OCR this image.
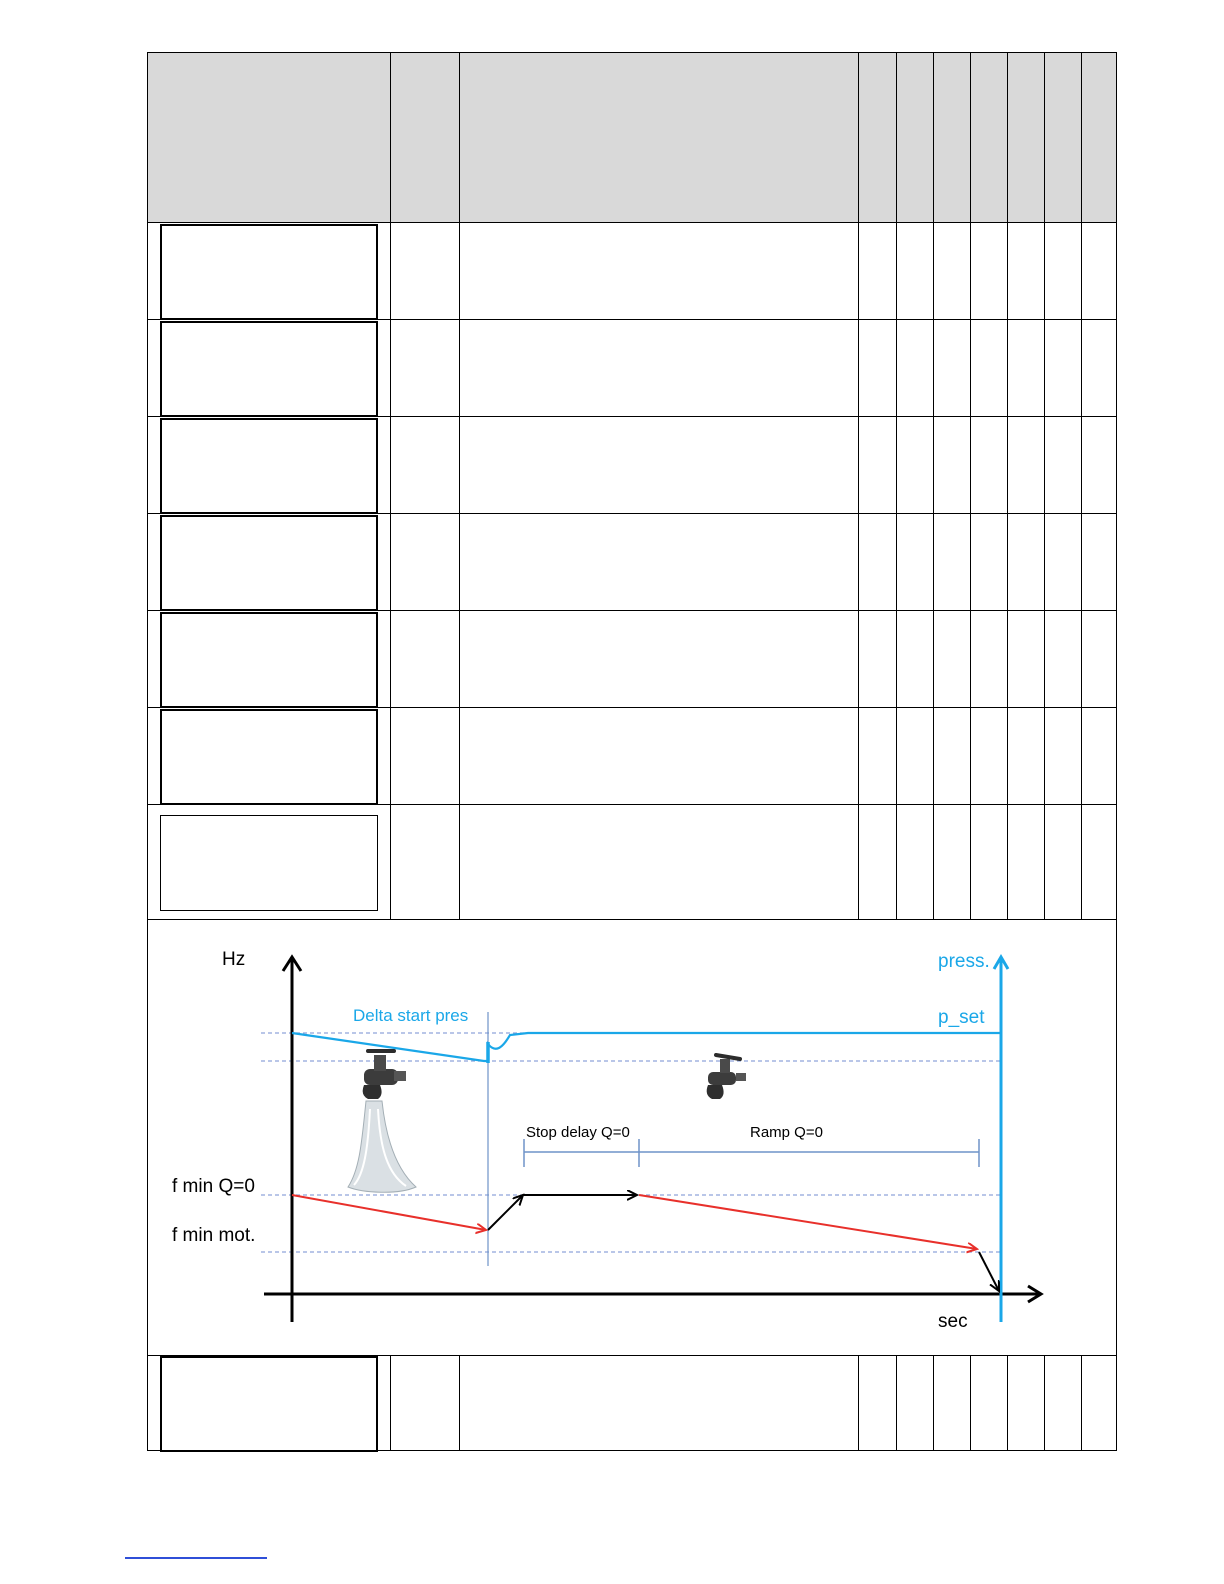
Hz
sec
press.
p_set
Delta start pres
Stop delay Q=0	Ramp Q=0
f min Q=0
f min mot.
